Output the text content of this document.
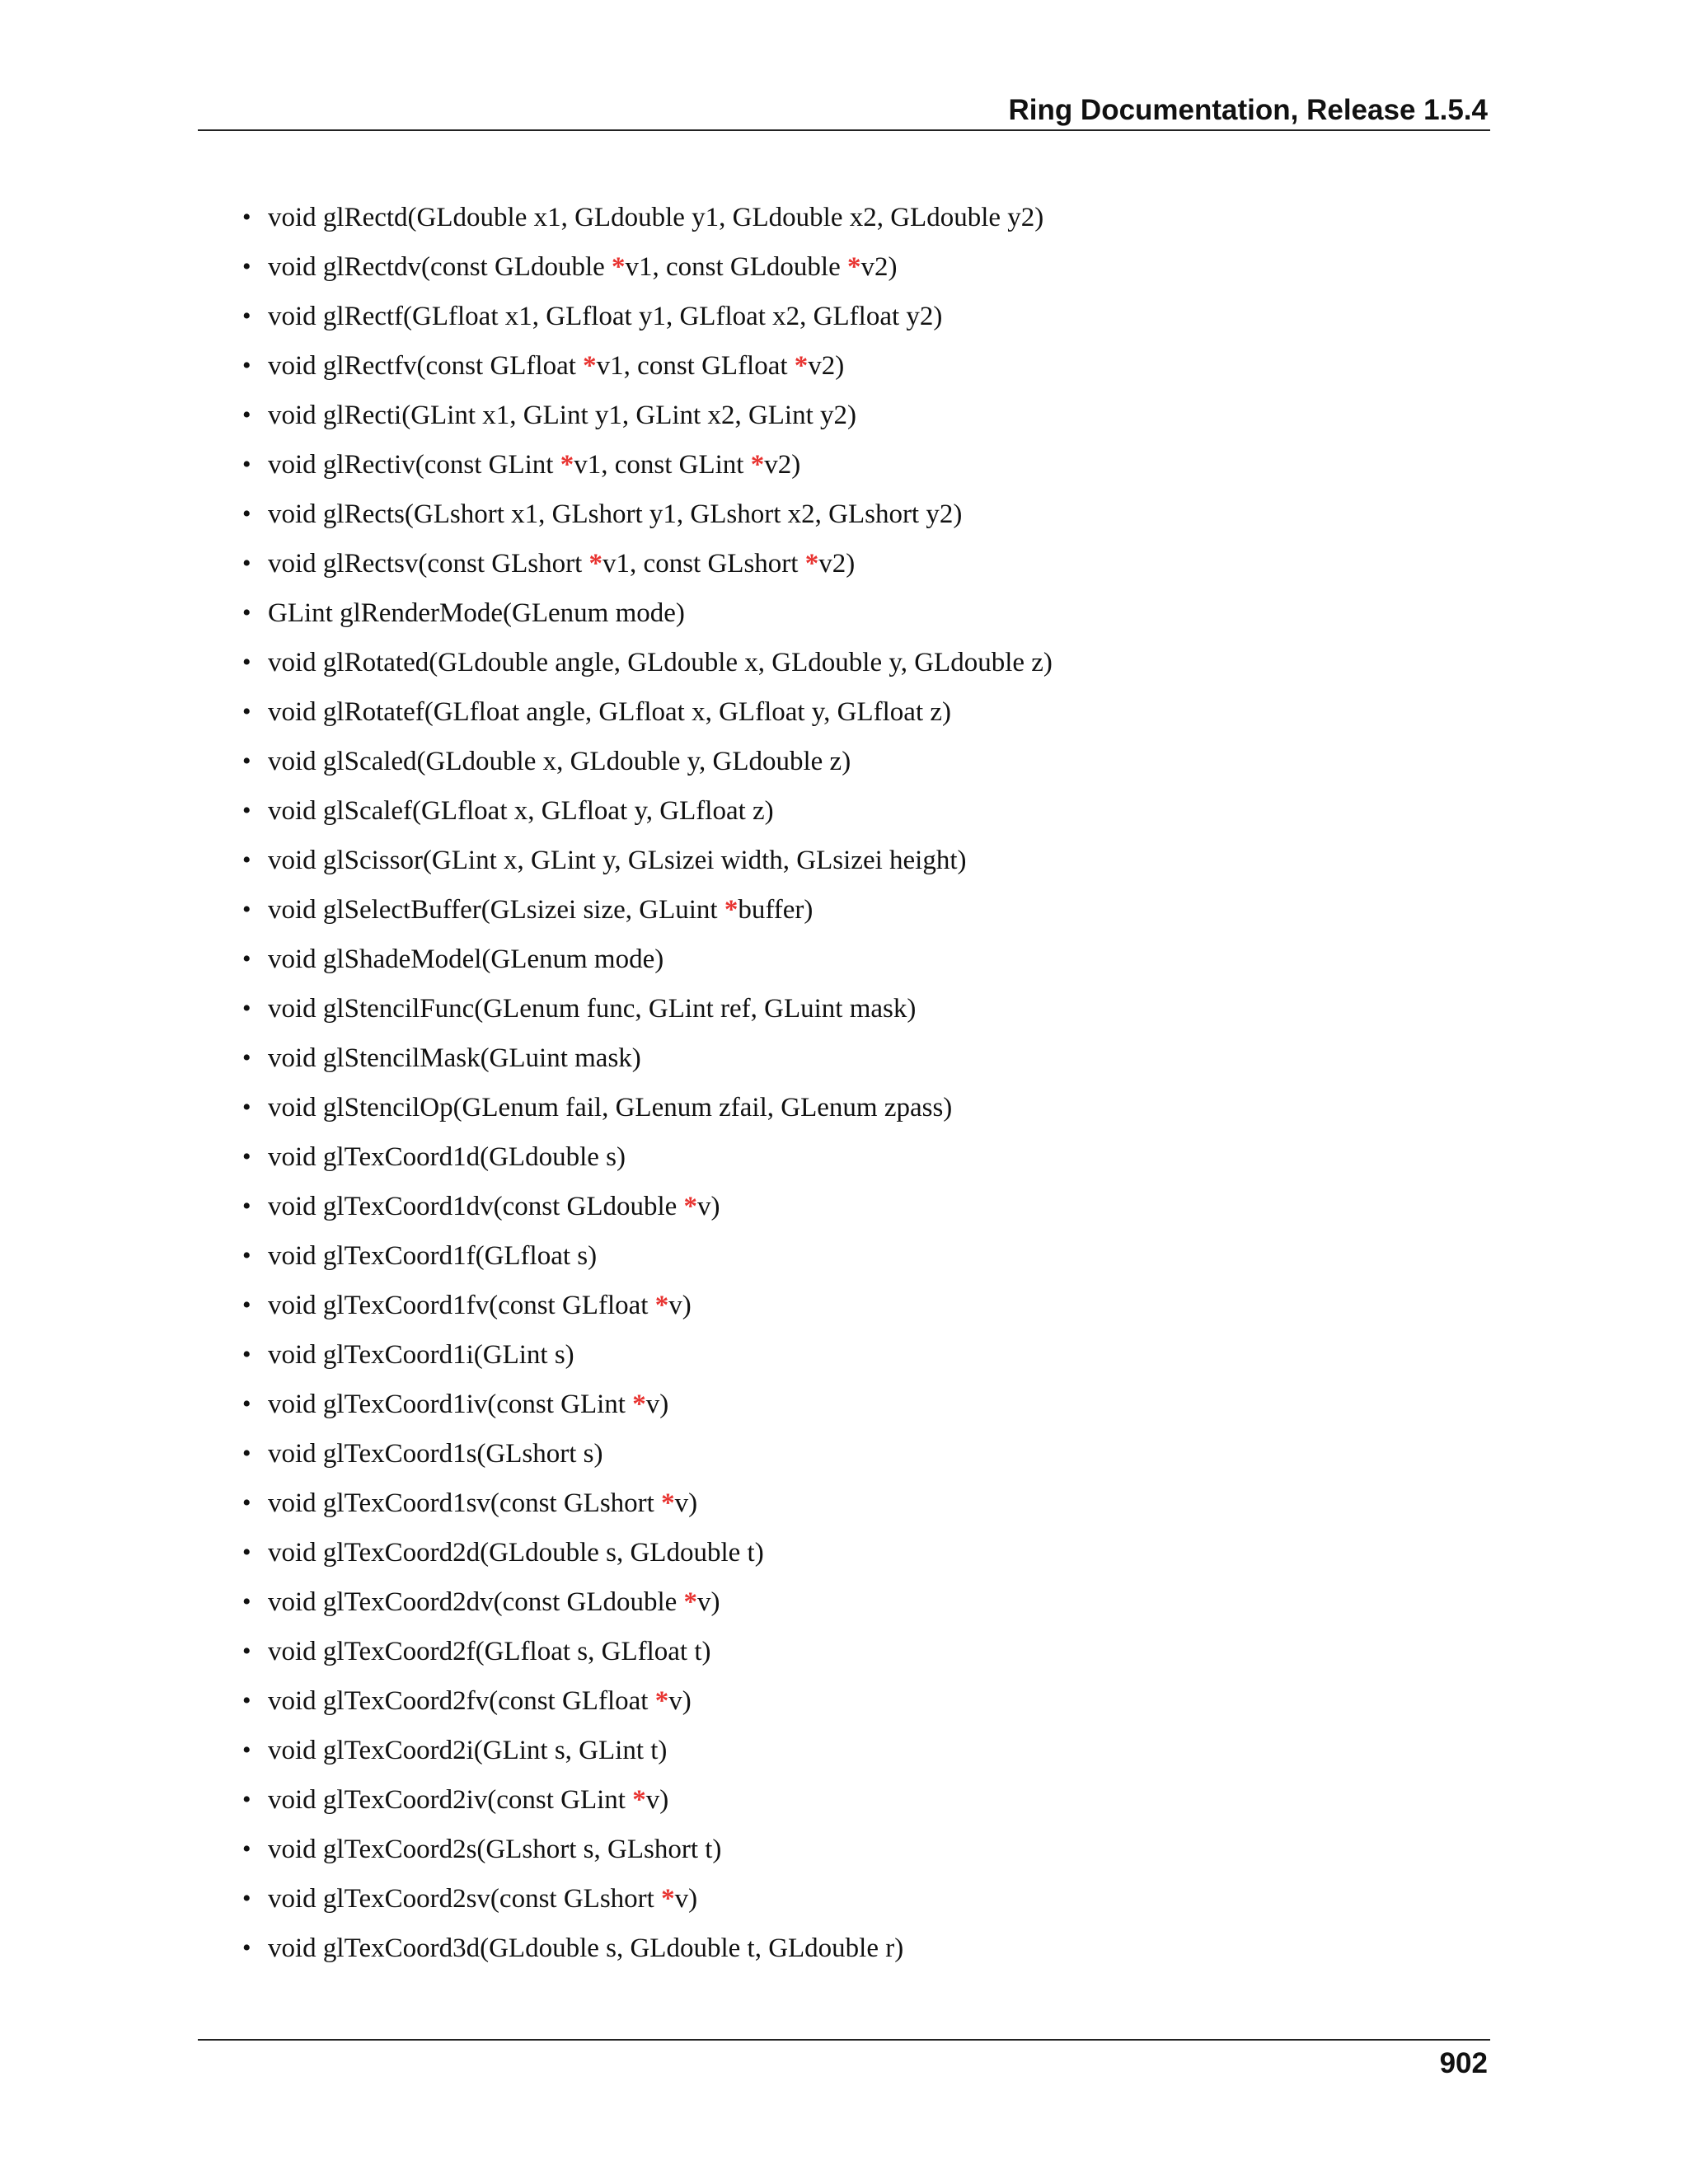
Ring Documentation, Release 1.5.4
• void glRectd(GLdouble x1, GLdouble y1, GLdouble x2, GLdouble y2)
• void glRectdv(const GLdouble *v1, const GLdouble *v2)
• void glRectf(GLfloat x1, GLfloat y1, GLfloat x2, GLfloat y2)
• void glRectfv(const GLfloat *v1, const GLfloat *v2)
• void glRecti(GLint x1, GLint y1, GLint x2, GLint y2)
• void glRectiv(const GLint *v1, const GLint *v2)
• void glRects(GLshort x1, GLshort y1, GLshort x2, GLshort y2)
• void glRectsv(const GLshort *v1, const GLshort *v2)
• GLint glRenderMode(GLenum mode)
• void glRotated(GLdouble angle, GLdouble x, GLdouble y, GLdouble z)
• void glRotatef(GLfloat angle, GLfloat x, GLfloat y, GLfloat z)
• void glScaled(GLdouble x, GLdouble y, GLdouble z)
• void glScalef(GLfloat x, GLfloat y, GLfloat z)
• void glScissor(GLint x, GLint y, GLsizei width, GLsizei height)
• void glSelectBuffer(GLsizei size, GLuint *buffer)
• void glShadeModel(GLenum mode)
• void glStencilFunc(GLenum func, GLint ref, GLuint mask)
• void glStencilMask(GLuint mask)
• void glStencilOp(GLenum fail, GLenum zfail, GLenum zpass)
• void glTexCoord1d(GLdouble s)
• void glTexCoord1dv(const GLdouble *v)
• void glTexCoord1f(GLfloat s)
• void glTexCoord1fv(const GLfloat *v)
• void glTexCoord1i(GLint s)
• void glTexCoord1iv(const GLint *v)
• void glTexCoord1s(GLshort s)
• void glTexCoord1sv(const GLshort *v)
• void glTexCoord2d(GLdouble s, GLdouble t)
• void glTexCoord2dv(const GLdouble *v)
• void glTexCoord2f(GLfloat s, GLfloat t)
• void glTexCoord2fv(const GLfloat *v)
• void glTexCoord2i(GLint s, GLint t)
• void glTexCoord2iv(const GLint *v)
• void glTexCoord2s(GLshort s, GLshort t)
• void glTexCoord2sv(const GLshort *v)
• void glTexCoord3d(GLdouble s, GLdouble t, GLdouble r)
902
